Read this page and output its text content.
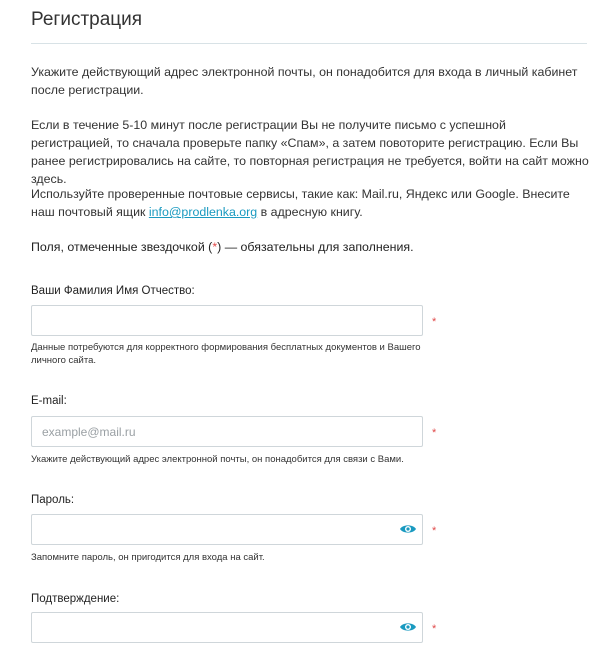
Регистрация
Укажите действующий адрес электронной почты, он понадобится для входа в личный кабинет после регистрации.
Если в течение 5-10 минут после регистрации Вы не получите письмо с успешной регистрацией, то сначала проверьте папку «Спам», а затем повоторите регистрацию. Если Вы ранее регистрировались на сайте, то повторная регистрация не требуется, войти на сайт можно здесь.
Используйте проверенные почтовые сервисы, такие как: Mail.ru, Яндекс или Google. Внесите наш почтовый ящик info@prodlenka.org в адресную книгу.
Поля, отмеченные звездочкой (*) — обязательны для заполнения.
Ваши Фамилия Имя Отчество:
*
Данные потребуются для корректного формирования бесплатных документов и Вашего личного сайта.
E-mail:
example@mail.ru
*
Укажите действующий адрес электронной почты, он понадобится для связи с Вами.
Пароль:
*
Запомните пароль, он пригодится для входа на сайт.
Подтверждение:
*
